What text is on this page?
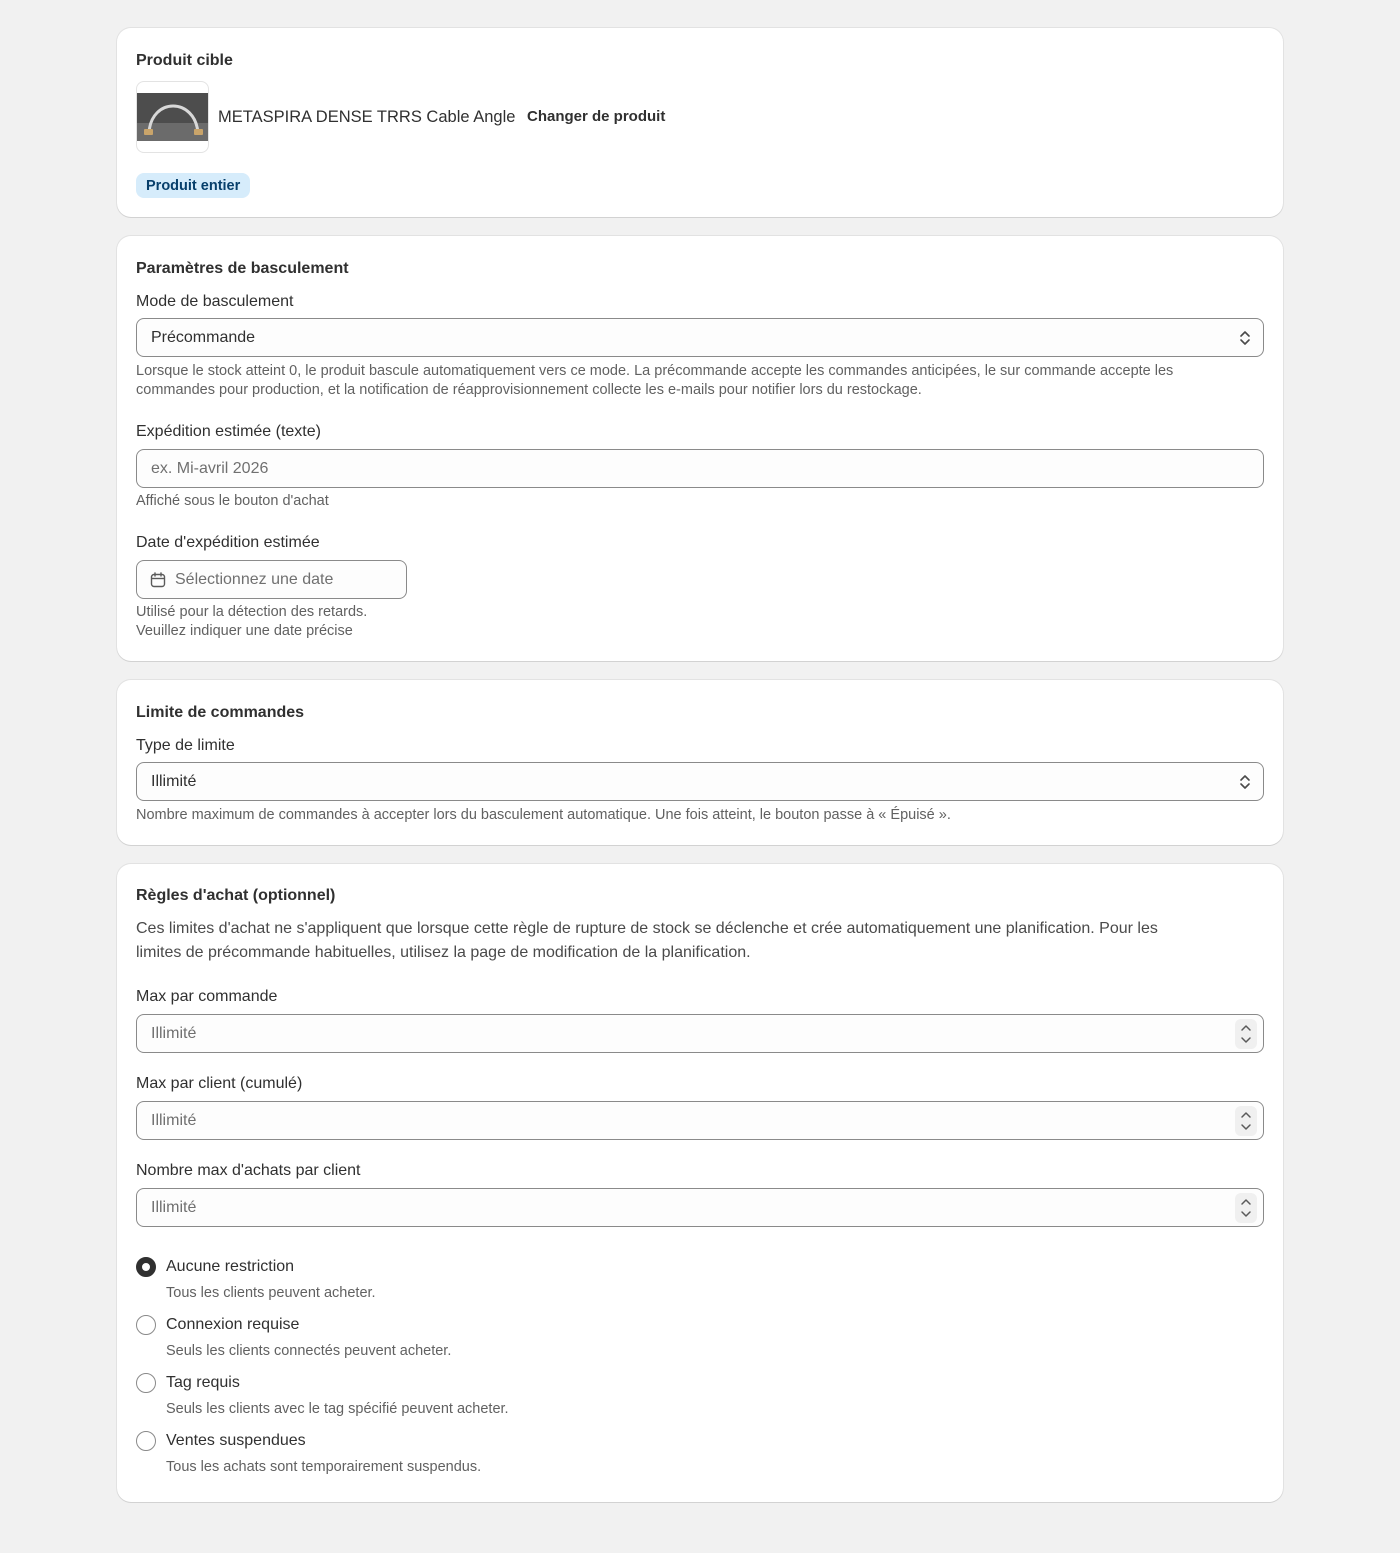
Produit cible
METASPIRA DENSE TRRS Cable Angle Changer de produit
Produit entier
Paramètres de basculement
Mode de basculement
Précommande
Lorsque le stock atteint 0, le produit bascule automatiquement vers ce mode. La précommande accepte les commandes anticipées, le sur commande accepte les
commandes pour production, et la notification de réapprovisionnement collecte les e-mails pour notifier lors du restockage.
Expédition estimée (texte)
ex. Mi-avril 2026
Affiché sous le bouton d'achat
Date d'expédition estimée
Sélectionnez une date
Utilisé pour la détection des retards.
Veuillez indiquer une date précise
Limite de commandes
Type de limite
Illimité
Nombre maximum de commandes à accepter lors du basculement automatique. Une fois atteint, le bouton passe à « Épuisé ».
Règles d'achat (optionnel)
Ces limites d'achat ne s'appliquent que lorsque cette règle de rupture de stock se déclenche et crée automatiquement une planification. Pour les
limites de précommande habituelles, utilisez la page de modification de la planification.
Max par commande
Illimité
Max par client (cumulé)
Illimité
Nombre max d'achats par client
Illimité
Aucune restriction
Tous les clients peuvent acheter.
Connexion requise
Seuls les clients connectés peuvent acheter.
Tag requis
Seuls les clients avec le tag spécifié peuvent acheter.
Ventes suspendues
Tous les achats sont temporairement suspendus.
